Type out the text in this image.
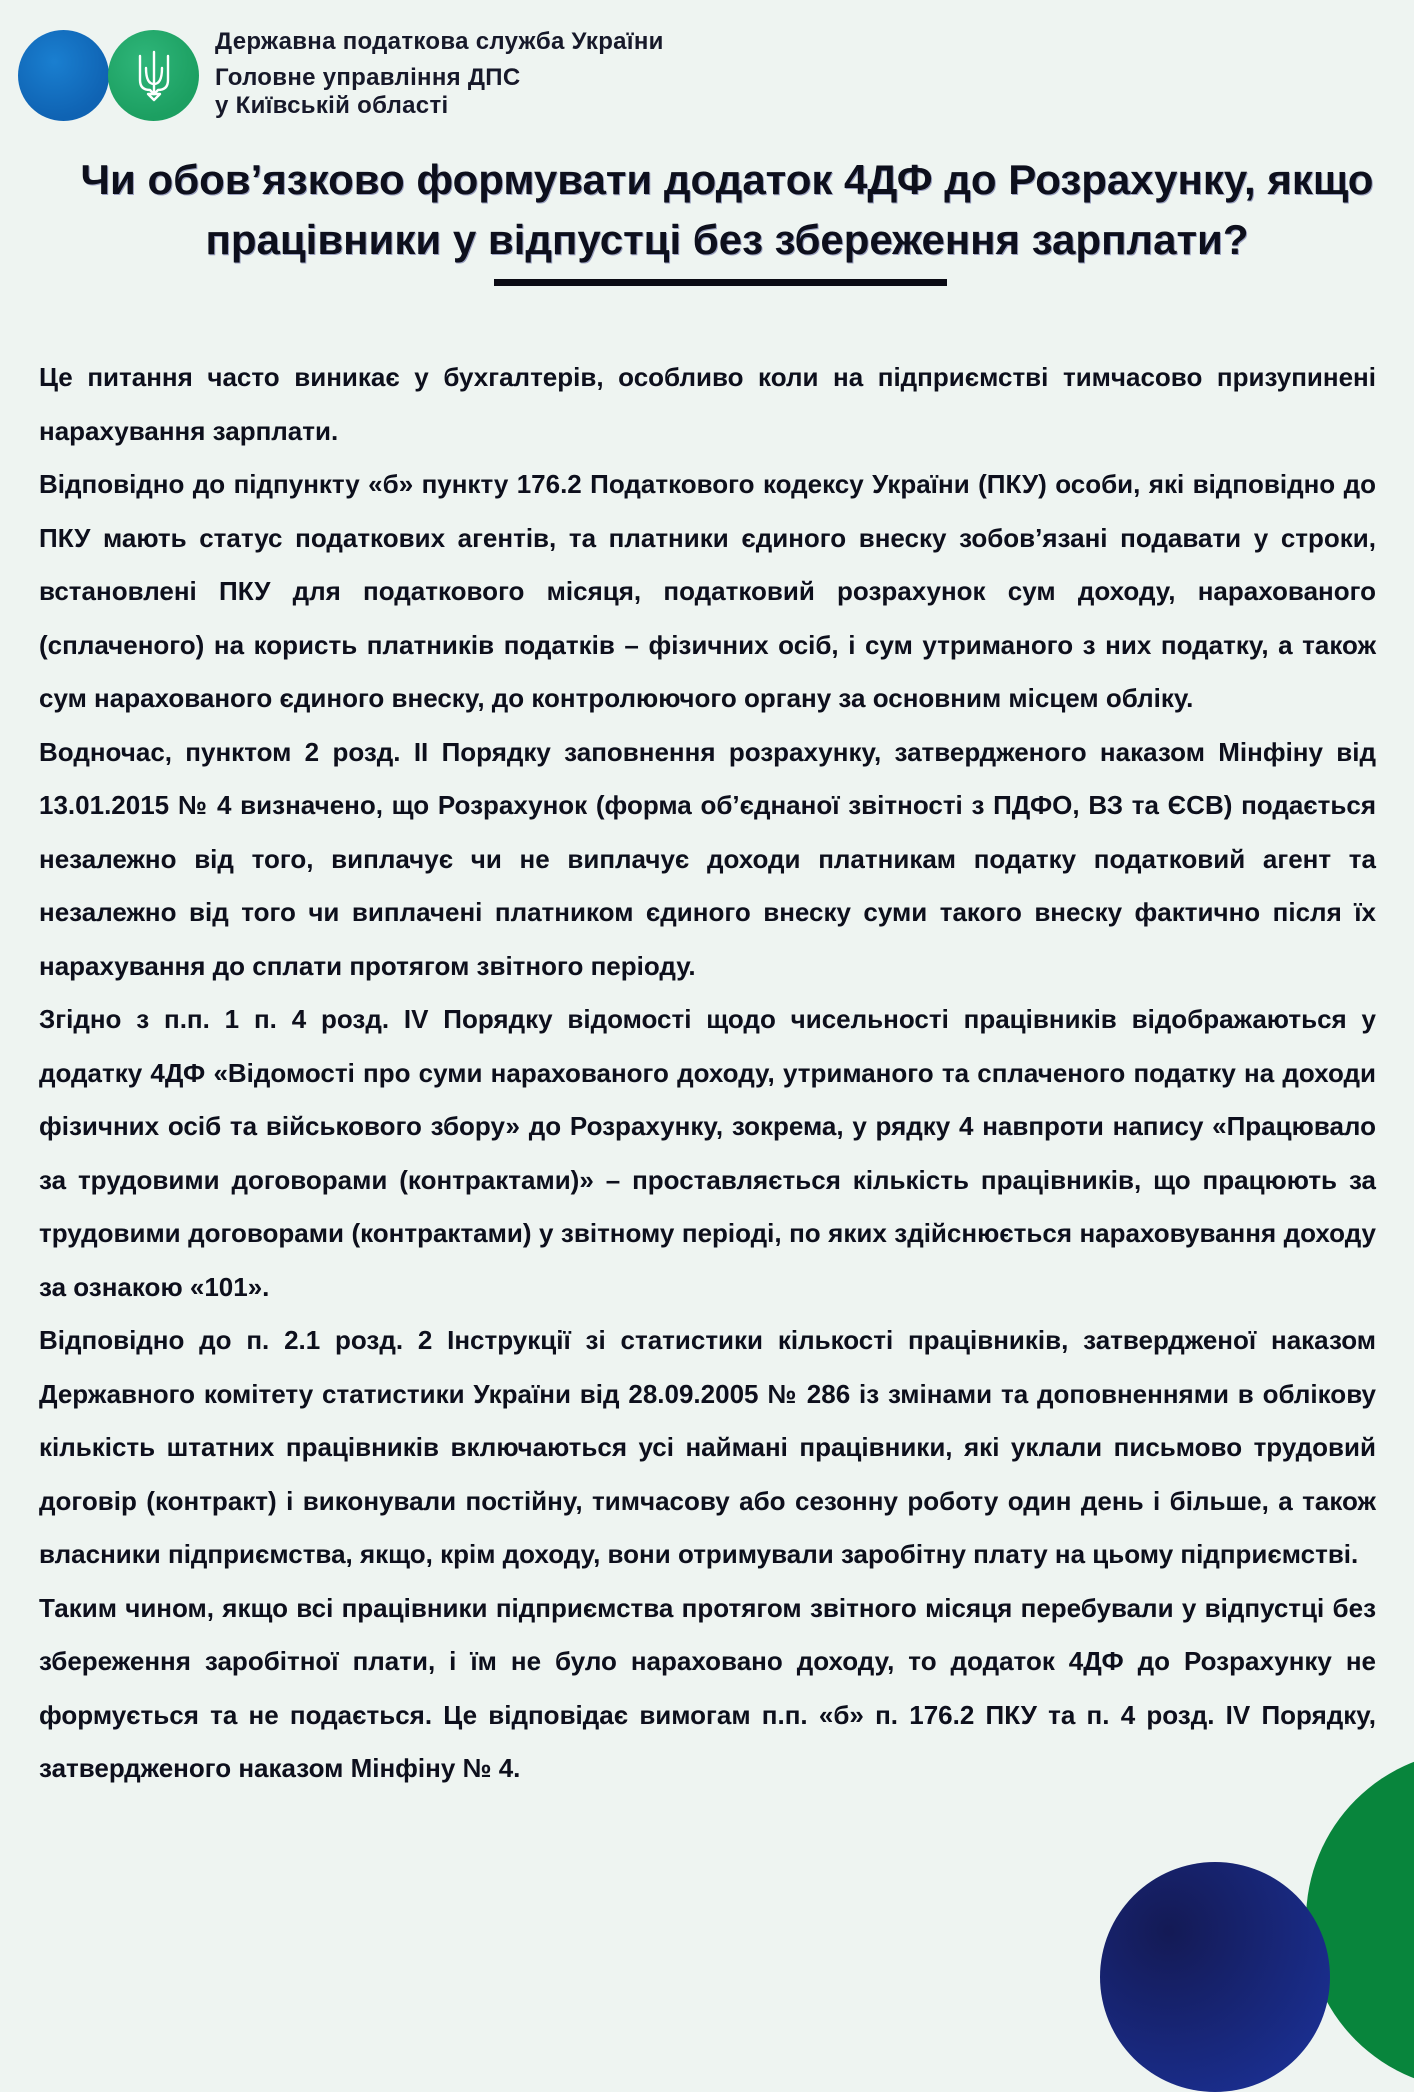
Державна податкова служба України
Головне управління ДПС
у Київській області
Чи обов’язково формувати додаток 4ДФ до Розрахунку, якщо працівники у відпустці без збереження зарплати?

Це питання часто виникає у бухгалтерів, особливо коли на підприємстві тимчасово призупинені нарахування зарплати.

Відповідно до підпункту «б» пункту 176.2 Податкового кодексу України (ПКУ) особи, які відповідно до ПКУ мають статус податкових агентів, та платники єдиного внеску зобов’язані подавати у строки, встановлені ПКУ для податкового місяця, податковий розрахунок сум доходу, нарахованого (сплаченого) на користь платників податків – фізичних осіб, і сум утриманого з них податку, а також сум нарахованого єдиного внеску, до контролюючого органу за основним місцем обліку.

Водночас, пунктом 2 розд. ІІ Порядку заповнення розрахунку, затвердженого наказом Мінфіну від 13.01.2015 № 4 визначено, що Розрахунок (форма об’єднаної звітності з ПДФО, ВЗ та ЄСВ) подається незалежно від того, виплачує чи не виплачує доходи платникам податку податковий агент та незалежно від того чи виплачені платником єдиного внеску суми такого внеску фактично після їх нарахування до сплати протягом звітного періоду.

Згідно з п.п. 1 п. 4 розд. IV Порядку відомості щодо чисельності працівників відображаються у додатку 4ДФ «Відомості про суми нарахованого доходу, утриманого та сплаченого податку на доходи фізичних осіб та військового збору» до Розрахунку, зокрема, у рядку 4 навпроти напису «Працювало за трудовими договорами (контрактами)» – проставляється кількість працівників, що працюють за трудовими договорами (контрактами) у звітному періоді, по яких здійснюється нараховування доходу за ознакою «101».

Відповідно до п. 2.1 розд. 2 Інструкції зі статистики кількості працівників, затвердженої наказом Державного комітету статистики України від 28.09.2005 № 286 із змінами та доповненнями в облікову кількість штатних працівників включаються усі наймані працівники, які уклали письмово трудовий договір (контракт) і виконували постійну, тимчасову або сезонну роботу один день і більше, а також власники підприємства, якщо, крім доходу, вони отримували заробітну плату на цьому підприємстві.

Таким чином, якщо всі працівники підприємства протягом звітного місяця перебували у відпустці без збереження заробітної плати, і їм не було нараховано доходу, то додаток 4ДФ до Розрахунку не формується та не подається. Це відповідає вимогам п.п. «б» п. 176.2 ПКУ та п. 4 розд. IV Порядку, затвердженого наказом Мінфіну № 4.
